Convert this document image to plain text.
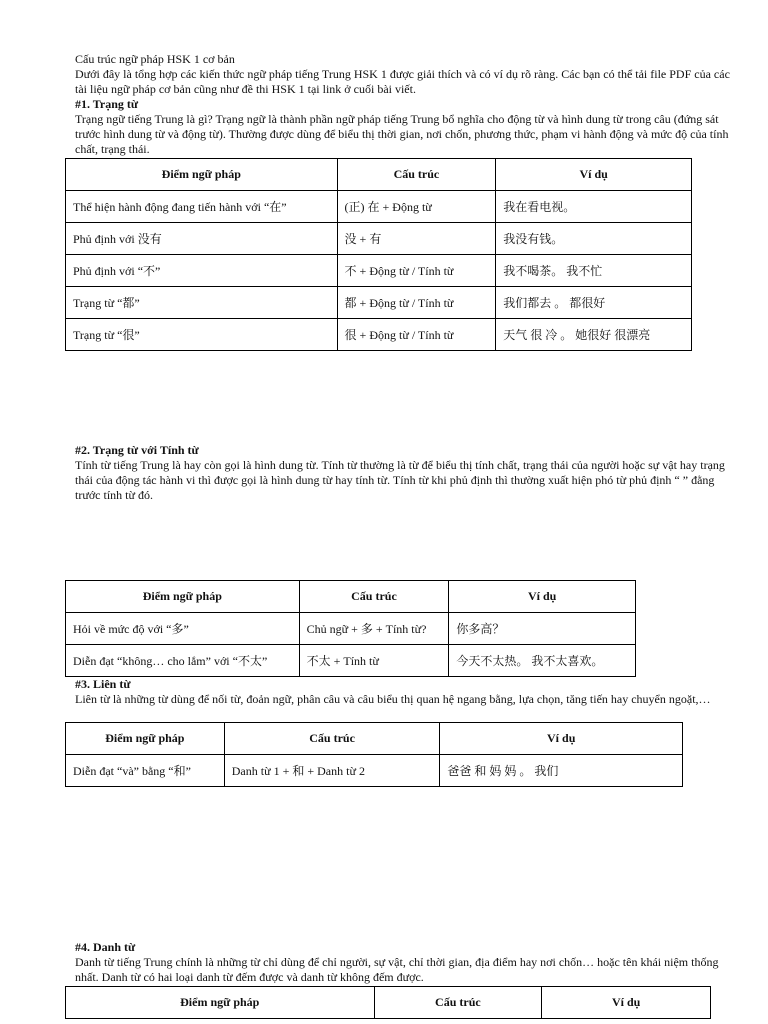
Cấu trúc ngữ pháp HSK 1 cơ bản
Dưới đây là tổng hợp các kiến thức ngữ pháp tiếng Trung HSK 1 được giải thích và có ví dụ rõ ràng. Các bạn có thể tải file PDF của các tài liệu ngữ pháp cơ bản cũng như đề thi HSK 1 tại link ở cuối bài viết.
#1. Trạng từ
Trạng ngữ tiếng Trung là gì? Trạng ngữ là thành phần ngữ pháp tiếng Trung bổ nghĩa cho động từ và hình dung từ trong câu (đứng sát trước hình dung từ và động từ). Thường được dùng để biểu thị thời gian, nơi chốn, phương thức, phạm vi hành động và mức độ của tính chất, trạng thái.
Điểm ngữ pháp	Cấu trúc	Ví dụ
Thể hiện hành động đang tiến hành với “在”	(正) 在 + Động từ	我在看电视。
Phủ định với 没有	没 + 有	我没有钱。
Phủ định với “不”	不 + Động từ / Tính từ	我不喝茶。 我不忙
Trạng từ “都”	都 + Động từ / Tính từ	我们都去 。 都很好
Trạng từ “很”	很 + Động từ / Tính từ	天气 很 冷 。 她很好 很漂亮
#2. Trạng từ với Tính từ
Tính từ tiếng Trung là hay còn gọi là hình dung từ. Tính từ thường là từ để biểu thị tính chất, trạng thái của người hoặc sự vật hay trạng thái của động tác hành vi thì được gọi là hình dung từ hay tính từ. Tính từ khi phủ định thì thường xuất hiện phó từ phủ định “ ” đằng trước tính từ đó.
Điểm ngữ pháp	Cấu trúc	Ví dụ
Hỏi về mức độ với “多”	Chủ ngữ + 多 + Tính từ?	你多高？
Diễn đạt “không… cho lắm” với “不太”	不太 + Tính từ	今天不太热。 我不太喜欢。
#3. Liên từ
Liên từ là những từ dùng để nối từ, đoản ngữ, phân câu và câu biểu thị quan hệ ngang bằng, lựa chọn, tăng tiến hay chuyển ngoặt,…
Điểm ngữ pháp	Cấu trúc	Ví dụ
Diễn đạt “và” bằng “和”	Danh từ 1 + 和 + Danh từ 2	爸爸 和 妈 妈 。 我们
#4. Danh từ
Danh từ tiếng Trung chính là những từ chỉ dùng để chỉ người, sự vật, chỉ thời gian, địa điểm hay nơi chốn… hoặc tên khái niệm thống nhất. Danh từ có hai loại danh từ đếm được và danh từ không đếm được.
Điểm ngữ pháp	Cấu trúc	Ví dụ
